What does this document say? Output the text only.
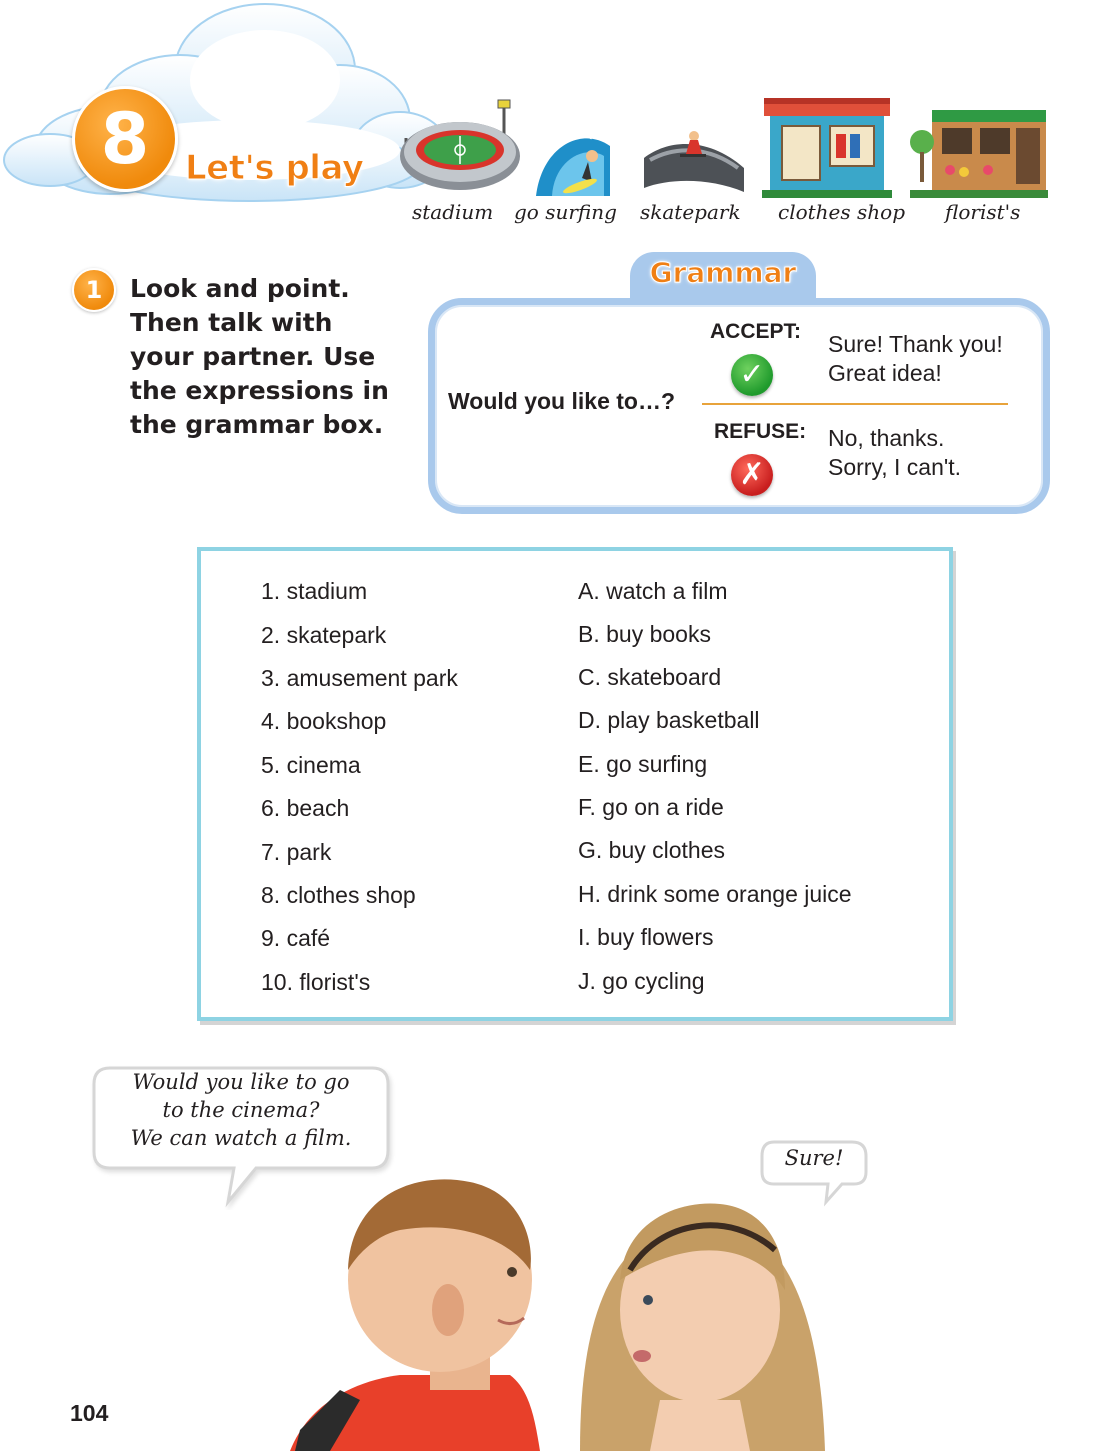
8	Let's play
stadium go surfing skatepark clothes shop florist's
1	Look and point. Then talk with your partner. Use the expressions in the grammar box.
Grammar
Would you like to…?
ACCEPT:
✓
Sure! Thank you!
Great idea!
REFUSE:
✗
No, thanks.
Sorry, I can't.
1. stadium
2. skatepark
3. amusement park
4. bookshop
5. cinema
6. beach
7. park
8. clothes shop
9. café
10. florist's
A. watch a film
B. buy books
C. skateboard
D. play basketball
E. go surfing
F. go on a ride
G. buy clothes
H. drink some orange juice
I. buy flowers
J. go cycling
Would you like to go
to the cinema?
We can watch a film.
Sure!
104
